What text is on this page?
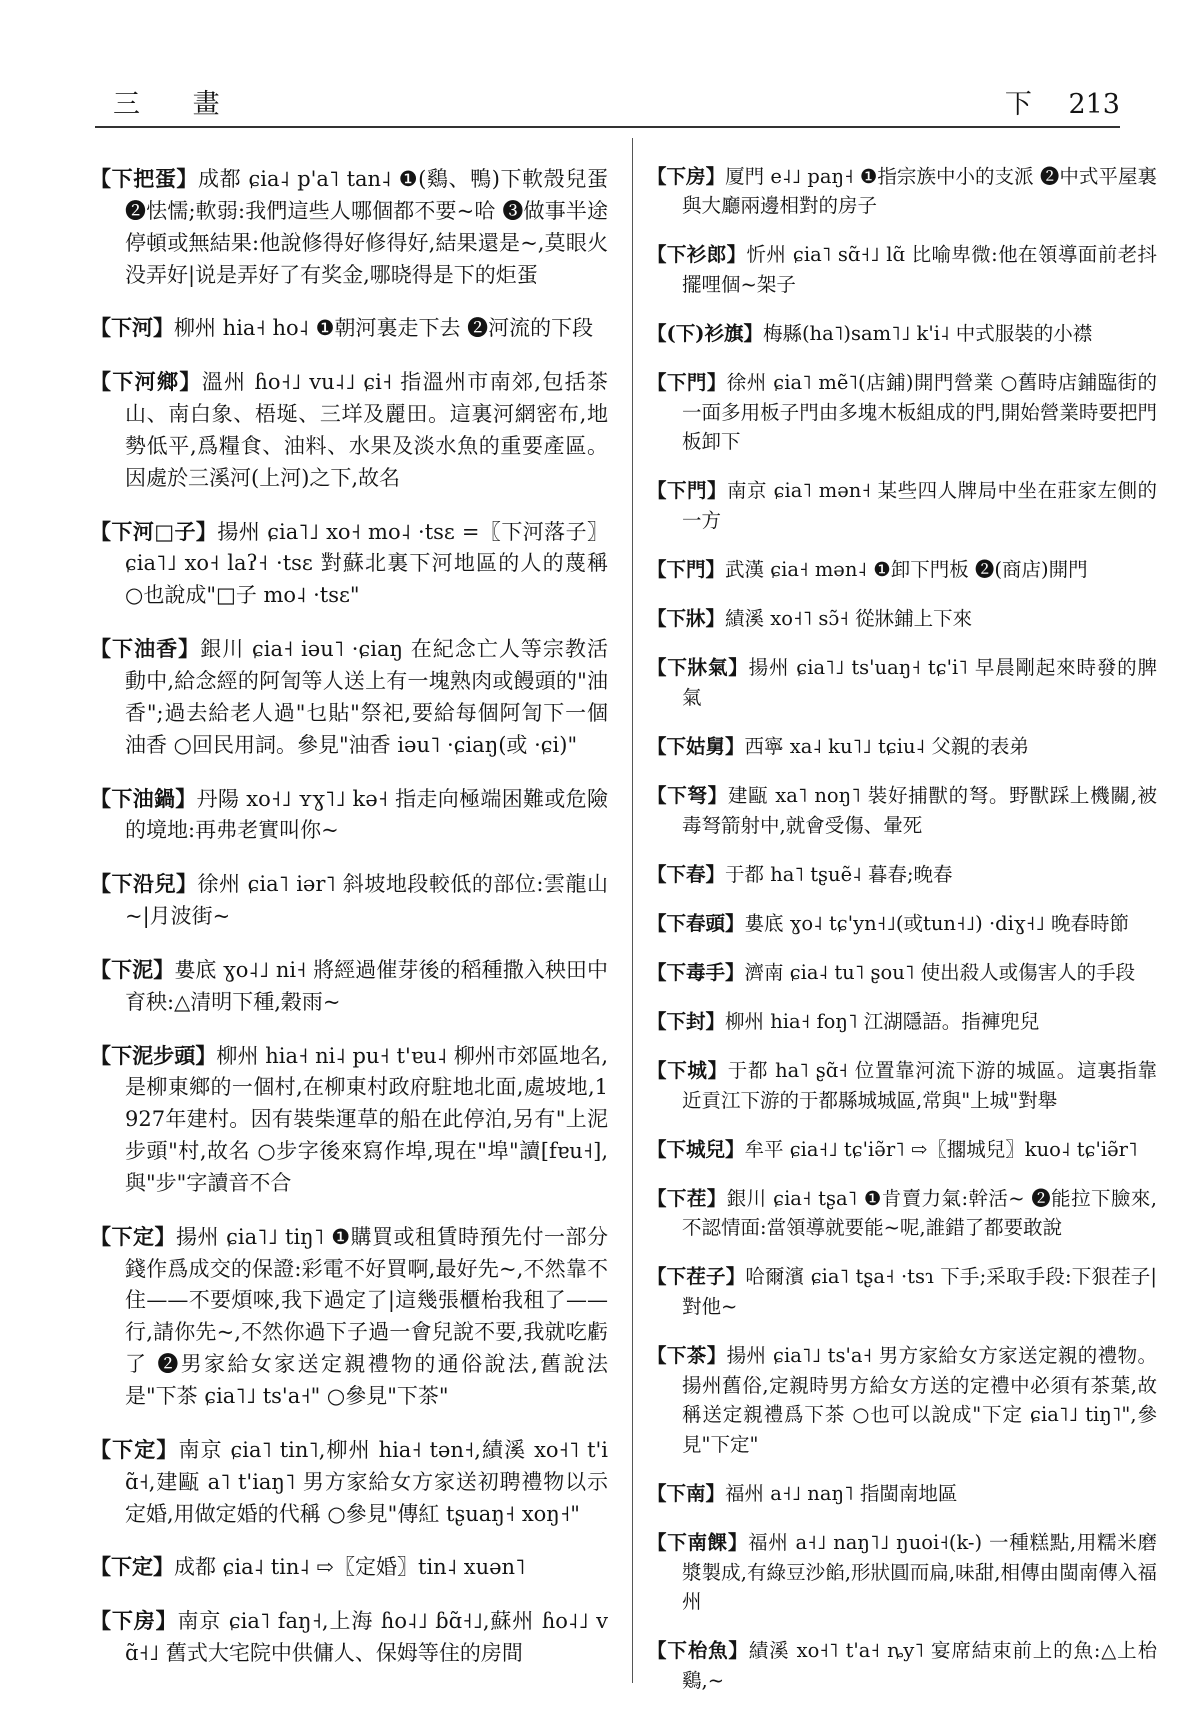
三 畫	下 213

【下把蛋】成都 ɕia˨ p'a˥ tan˨ ❶(鷄、鴨)下軟殼兒蛋 ❷怯懦;軟弱:我們這些人哪個都不要~哈 ❸做事半途停頓或無結果:他說修得好修得好,結果還是~,莫眼火没弄好|说是弄好了有奖金,哪晓得是下的炬蛋

【下河】柳州 hia˧ ho˨ ❶朝河裏走下去 ❷河流的下段

【下河鄉】溫州 ɦo˧˩ vu˨˩ ɕi˧ 指溫州市南郊,包括茶山、南白象、梧埏、三垟及麗田。這裏河網密布,地勢低平,爲糧食、油料、水果及淡水魚的重要產區。因處於三溪河(上河)之下,故名

【下河□子】揚州 ɕia˥˩ xo˧ mo˨ ·tsɛ =〖下河落子〗ɕia˥˩ xo˧ laʔ˧ ·tsɛ 對蘇北裏下河地區的人的蔑稱 ○也說成"□子 mo˨ ·tsɛ"

【下油香】銀川 ɕia˧ iəu˥ ·ɕiaŋ 在紀念亡人等宗教活動中,給念經的阿訇等人送上有一塊熟肉或饅頭的"油香";過去給老人過"乜貼"祭祀,要給每個阿訇下一個油香 ○回民用詞。參見"油香 iəu˥ ·ɕiaŋ(或 ·ɕi)"

【下油鍋】丹陽 xo˧˩ ʏɣ˥˩ kə˧ 指走向極端困難或危險的境地:再弗老實叫你~

【下沿兒】徐州 ɕia˥ iər˥ 斜坡地段較低的部位:雲龍山~|月波街~

【下泥】婁底 ɣo˨˩ ni˧ 將經過催芽後的稻種撒入秧田中育秧:△清明下種,穀雨~

【下泥步頭】柳州 hia˧ ni˨ pu˧ t'ɐu˨ 柳州市郊區地名,是柳東鄉的一個村,在柳東村政府駐地北面,處坡地,1927年建村。因有裝柴運草的船在此停泊,另有"上泥步頭"村,故名 ○步字後來寫作埠,現在"埠"讀[fɐu˧],與"步"字讀音不合

【下定】揚州 ɕia˥˩ tiŋ˥ ❶購買或租賃時預先付一部分錢作爲成交的保證:彩電不好買啊,最好先~,不然靠不住——不要煩唻,我下過定了|這幾張櫃枱我租了——行,請你先~,不然你過下子過一會兒說不要,我就吃虧了 ❷男家給女家送定親禮物的通俗說法,舊說法是"下茶 ɕia˥˩ ts'a˧" ○參見"下茶"

【下定】南京 ɕia˥ tin˥,柳州 hia˧ tən˧,績溪 xo˧˥ t'iɑ̃˧,建甌 a˥ t'iaŋ˥ 男方家給女方家送初聘禮物以示定婚,用做定婚的代稱 ○參見"傳紅 tʂuaŋ˧ xoŋ˧"

【下定】成都 ɕia˨ tin˨ ⇨〖定婚〗tin˨ xuən˥

【下房】南京 ɕia˥ faŋ˧,上海 ɦo˨˩ ɓɑ̃˧˩,蘇州 ɦo˨˩ vɑ̃˧˩ 舊式大宅院中供傭人、保姆等住的房間

【下房】厦門 e˨˩ paŋ˧ ❶指宗族中小的支派 ❷中式平屋裏與大廳兩邊相對的房子

【下衫郎】忻州 ɕia˥ sɑ̃˧˩ lɑ̃ 比喻卑微:他在領導面前老抖擺哩個~架子

【(下)衫旗】梅縣(ha˥)sam˥˩ k'i˨ 中式服裝的小襟

【下門】徐州 ɕia˥ mẽ˥(店鋪)開門營業 ○舊時店鋪臨街的一面多用板子門由多塊木板組成的門,開始營業時要把門板卸下

【下門】南京 ɕia˥ mən˧ 某些四人牌局中坐在莊家左側的一方

【下門】武漢 ɕia˧ mən˨ ❶卸下門板 ❷(商店)開門

【下牀】績溪 xo˧˥ sɔ̃˧ 從牀鋪上下來

【下牀氣】揚州 ɕia˥˩ ts'uaŋ˧ tɕ'i˥ 早晨剛起來時發的脾氣

【下姑舅】西寧 xa˨ ku˥˩ tɕiu˨ 父親的表弟

【下弩】建甌 xa˥ noŋ˥ 裝好捕獸的弩。野獸踩上機關,被毒弩箭射中,就會受傷、暈死

【下春】于都 ha˥ tʂuẽ˨ 暮春;晚春

【下春頭】婁底 ɣo˨ tɕ'yn˧˩(或tun˧˩) ·diɣ˧˩ 晚春時節

【下毒手】濟南 ɕia˨ tu˥ ʂou˥ 使出殺人或傷害人的手段

【下封】柳州 hia˧ foŋ˥ 江湖隱語。指褲兜兒

【下城】于都 ha˥ ʂɑ̃˧ 位置靠河流下游的城區。這裏指靠近貢江下游的于都縣城城區,常與"上城"對舉

【下城兒】牟平 ɕia˧˩ tɕ'iə̃r˥ ⇨〖擱城兒〗kuo˨ tɕ'iə̃r˥

【下茬】銀川 ɕia˧ tʂa˥ ❶肯賣力氣:幹活~ ❷能拉下臉來,不認情面:當領導就要能~呢,誰錯了都要敢說

【下茬子】哈爾濱 ɕia˥ tʂa˧ ·tsɿ 下手;采取手段:下狠茬子|對他~

【下茶】揚州 ɕia˥˩ ts'a˧ 男方家給女方家送定親的禮物。揚州舊俗,定親時男方給女方送的定禮中必須有茶葉,故稱送定親禮爲下茶 ○也可以說成"下定 ɕia˥˩ tiŋ˥",參見"下定"

【下南】福州 a˧˩ naŋ˥ 指閩南地區

【下南餜】福州 a˧˩ naŋ˥˩ ŋuoi˧(k-) 一種糕點,用糯米磨漿製成,有綠豆沙餡,形狀圓而扁,味甜,相傳由閩南傳入福州

【下枱魚】績溪 xo˧˥ t'a˧ ȵy˥ 宴席結束前上的魚:△上枱鷄,~
